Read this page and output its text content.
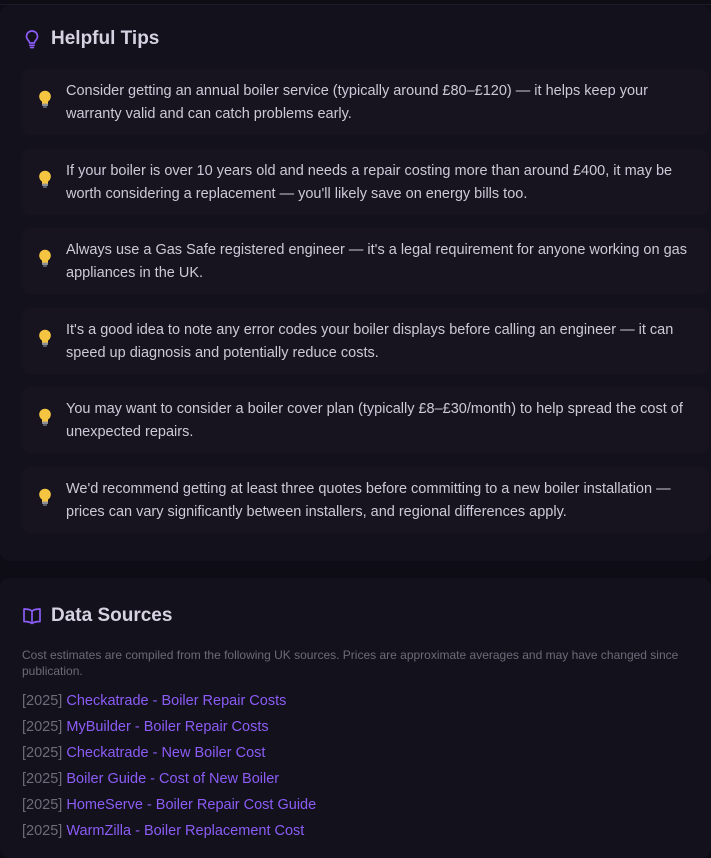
Helpful Tips
Consider getting an annual boiler service (typically around £80–£120) — it helps keep your warranty valid and can catch problems early.
If your boiler is over 10 years old and needs a repair costing more than around £400, it may be worth considering a replacement — you'll likely save on energy bills too.
Always use a Gas Safe registered engineer — it's a legal requirement for anyone working on gas appliances in the UK.
It's a good idea to note any error codes your boiler displays before calling an engineer — it can speed up diagnosis and potentially reduce costs.
You may want to consider a boiler cover plan (typically £8–£30/month) to help spread the cost of unexpected repairs.
We'd recommend getting at least three quotes before committing to a new boiler installation — prices can vary significantly between installers, and regional differences apply.
Data Sources
Cost estimates are compiled from the following UK sources. Prices are approximate averages and may have changed since publication.
[2025] Checkatrade - Boiler Repair Costs
[2025] MyBuilder - Boiler Repair Costs
[2025] Checkatrade - New Boiler Cost
[2025] Boiler Guide - Cost of New Boiler
[2025] HomeServe - Boiler Repair Cost Guide
[2025] WarmZilla - Boiler Replacement Cost
